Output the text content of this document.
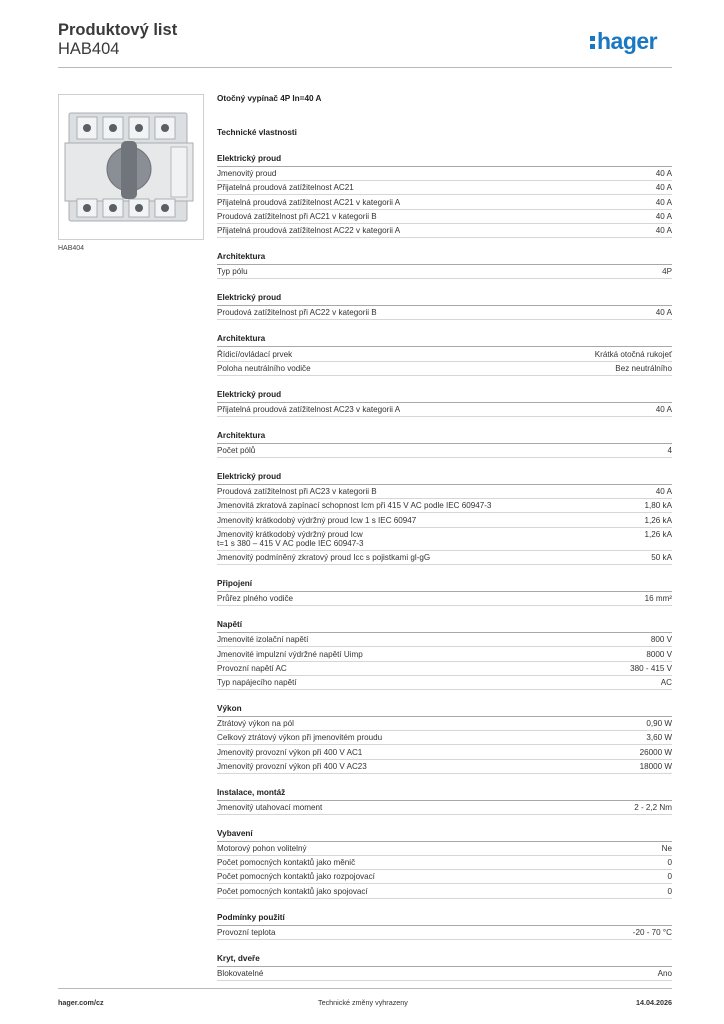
Produktový list
HAB404	hager
HAB404
Otočný vypínač 4P In=40 A
Technické vlastnosti
Elektrický proud
Jmenovitý proud	40 A
Přijatelná proudová zatížitelnost AC21	40 A
Přijatelná proudová zatížitelnost AC21 v kategorii A	40 A
Proudová zatížitelnost při AC21 v kategorii B	40 A
Přijatelná proudová zatížitelnost AC22 v kategorii A	40 A
Architektura
Typ pólu	4P
Elektrický proud
Proudová zatížitelnost při AC22 v kategorii B	40 A
Architektura
Řídicí/ovládací prvek	Krátká otočná rukojeť
Poloha neutrálního vodiče	Bez neutrálního
Elektrický proud
Přijatelná proudová zatížitelnost AC23 v kategorii A	40 A
Architektura
Počet pólů	4
Elektrický proud
Proudová zatížitelnost při AC23 v kategorii B	40 A
Jmenovitá zkratová zapínací schopnost Icm při 415 V AC podle IEC 60947-3	1,80 kA
Jmenovitý krátkodobý výdržný proud Icw 1 s IEC 60947	1,26 kA
Jmenovitý krátkodobý výdržný proud Icw
t=1 s 380 – 415 V AC podle IEC 60947-3
1,26 kA
Jmenovitý podmíněný zkratový proud Icc s pojistkami gl-gG	50 kA
Připojení
Průřez plného vodiče	16 mm²
Napětí
Jmenovité izolační napětí	800 V
Jmenovité impulzní výdržné napětí Uimp	8000 V
Provozní napětí AC	380 - 415 V
Typ napájecího napětí	AC
Výkon
Ztrátový výkon na pól	0,90 W
Celkový ztrátový výkon při jmenovitém proudu	3,60 W
Jmenovitý provozní výkon při 400 V AC1	26000 W
Jmenovitý provozní výkon při 400 V AC23	18000 W
Instalace, montáž
Jmenovitý utahovací moment	2 - 2,2 Nm
Vybavení
Motorový pohon volitelný	Ne
Počet pomocných kontaktů jako měnič	0
Počet pomocných kontaktů jako rozpojovací	0
Počet pomocných kontaktů jako spojovací	0
Podmínky použití
Provozní teplota	-20 - 70 °C
Kryt, dveře
Blokovatelné	Ano
hager.com/cz	Technické změny vyhrazeny	14.04.2026
